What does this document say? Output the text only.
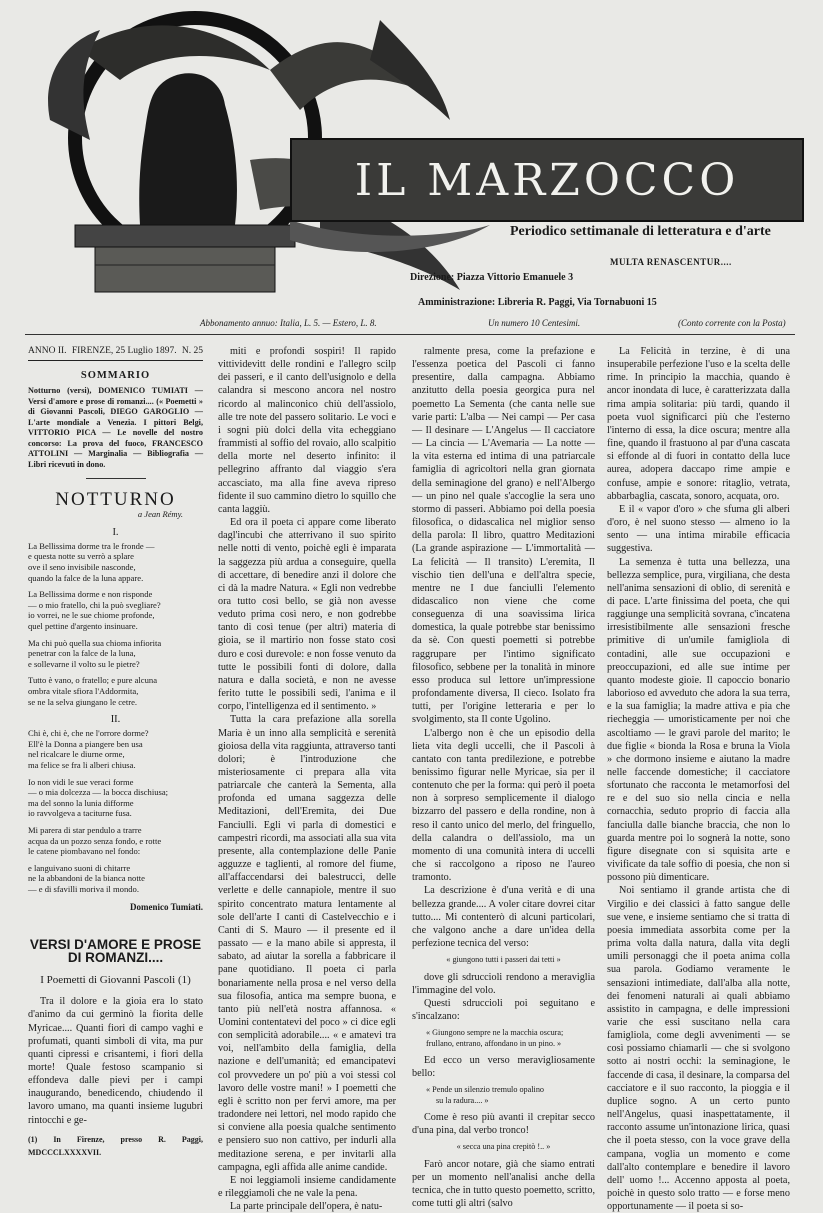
IL MARZOCCO
Periodico settimanale di letteratura e d'arte
MULTA RENASCENTUR....
Direzione: Piazza Vittorio Emanuele 3
Amministrazione: Libreria R. Paggi, Via Tornabuoni 15
Abbonamento annuo: Italia, L. 5. — Estero, L. 8.	Un numero 10 Centesimi.	(Conto corrente con la Posta)
ANNO II. FIRENZE, 25 Luglio 1897. N. 25
SOMMARIO
Notturno (versi), DOMENICO TUMIATI — Versi d'amore e prose di romanzi.... (« Poemetti » di Giovanni Pascoli, DIEGO GAROGLIO — L'arte mondiale a Venezia. I pittori Belgi, VITTORIO PICA — Le novelle del nostro concorso: La prova del fuoco, FRANCESCO ATTOLINI — Marginalia — Bibliografia — Libri ricevuti in dono.
NOTTURNO
a Jean Rémy.
I.
La Bellissima dorme tra le fronde —
e questa notte su verrò a splare
ove il seno invisibile nasconde,
quando la falce de la luna appare.
La Bellissima dorme e non risponde
— o mio fratello, chi la può svegliare?
io vorrei, ne le sue chiome profonde,
quel pettine d'argento insinuare.
Ma chi può quella sua chioma infiorita
penetrar con la falce de la luna,
e sollevarne il volto su le pietre?
Tutto è vano, o fratello; e pure alcuna
ombra vitale sfiora l'Addormita,
se ne la selva giungano le cetre.
II.
Chi è, chi è, che ne l'orrore dorme?
Ell'è la Donna a piangere ben usa
nel ricalcare le diurne orme,
ma felice se fra li alberi chiusa.
Io non vidi le sue veraci forme
— o mia dolcezza — la bocca dischiusa;
ma del sonno la lunia difforme
io ravvolgeva a taciturne fusa.
Mi parera di star pendulo a trarre
acqua da un pozzo senza fondo, e rotte
le catene piombavano nel fondo:
e languivano suoni di chitarre
ne la abbandoni de la bianca notte
— e di sfavilli moriva il mondo.
Domenico Tumiati.
VERSI D'AMORE E PROSE DI ROMANZI....
I Poemetti di Giovanni Pascoli (1)

Tra il dolore e la gioia era lo stato d'animo da cui germinò la fiorita delle Myricae.... Quanti fiori di campo vaghi e profumati, quanti simboli di vita, ma pur quanti cipressi e crisantemi, i fiori della morte! Quale festoso scampanio si effondeva dalle pievi per i campi inaugurando, benedicendo, chiudendo il lavoro umano, ma quanti insieme lugubri rintocchi e ge-

(1) In Firenze, presso R. Paggi, MDCCCLXXXXVII.

miti e profondi sospiri! Il rapido vittividevitt delle rondini e l'allegro scilp dei passeri, e il canto dell'usignolo e della calandra si mescono ancora nel nostro ricordo al malinconico chiù dell'assiolo, alle tre note del passero solitario. Le voci e i sogni più dolci della vita echeggiano frammisti al soffio del rovaio, allo scalpitio della morte nel deserto infinito: il pellegrino affranto dal viaggio s'era accasciato, ma alla fine aveva ripreso fidente il suo cammino dietro lo squillo che canta laggiù.

Ed ora il poeta ci appare come liberato dagl'incubi che atterrivano il suo spirito nelle notti di vento, poichè egli è imparata la saggezza più ardua a conseguire, quella di accettare, di benedire anzi il dolore che ci dà la madre Natura. « Egli non vedrebbe ora tutto così bello, se già non avesse veduto prima così nero, e non godrebbe tanto di così tenue (per altri) materia di gioia, se il martirio non fosse stato così duro e così durevole: e non fosse venuto da tutte le possibili fonti di dolore, dalla natura e dalla società, e non ne avesse ferito tutte le possibili sedi, l'anima e il corpo, l'intelligenza ed il sentimento. »

Tutta la cara prefazione alla sorella Maria è un inno alla semplicità e serenità gioiosa della vita raggiunta, attraverso tanti dolori; è l'introduzione che misteriosamente ci prepara alla vita patriarcale che canterà la Sementa, alla profonda ed umana saggezza delle Meditazioni, dell'Eremita, dei Due Fanciulli. Egli vi parla di domestici e campestri ricordi, ma associati alla sua vita presente, alla contemplazione delle Panie agguzze e taglienti, al romore del fiume, all'affaccendarsi dei balestrucci, delle verlette e delle cannapiole, mentre il suo spirito concentrato matura lentamente al sole dell'arte I canti di Castelvecchio e i Canti di S. Mauro — il presente ed il passato — e la mano abile si appresta, il sabato, ad aiutar la sorella a fabbricare il pane quotidiano. Il poeta ci parla bonariamente nella prosa e nel verso della sua filosofia, antica ma sempre buona, e tanto più nell'età nostra affannosa. « Uomini contentatevi del poco » ci dice egli con semplicità adorabile.... « e amatevi tra voi, nell'ambito della famiglia, della nazione e dell'umanità; ed emancipatevi col provvedere un po' più a voi stessi col lavoro delle vostre mani! » I poemetti che egli è scritto non per fervi amore, ma per tradondere nei lettori, nel modo rapido che si conviene alla poesia qualche sentimento e pensiero suo non cattivo, per indurli alla meditazione serena, e per invitarli alla campagna, egli affida alle anime candide.

E noi leggiamoli insieme candidamente e rileggiamoli che ne vale la pena.

La parte principale dell'opera, è natu-

ralmente presa, come la prefazione e l'essenza poetica del Pascoli ci fanno presentire, dalla campagna. Abbiamo anzitutto della poesia georgica pura nel poemetto La Sementa (che canta nelle sue varie parti: L'alba — Nei campi — Per casa — Il desinare — L'Angelus — Il cacciatore — La cincia — L'Avemaria — La notte — la vita esterna ed intima di una patriarcale famiglia di agricoltori nella gran giornata della seminagione del grano) e nell'Albergo — un pino nel quale s'accoglie la sera uno stormo di passeri. Abbiamo poi della poesia filosofica, o didascalica nel miglior senso della parola: Il libro, quattro Meditazioni (La grande aspirazione — L'immortalità — La felicità — Il transito) L'eremita, Il vischio tien dell'una e dell'altra specie, mentre ne I due fanciulli l'elemento didascalico non viene che come conseguenza di una soavissima lirica domestica, la quale potrebbe star benissimo da sè. Con questi poemetti si potrebbe raggrupare per l'intimo significato filosofico, sebbene per la tonalità in minore esso produca sul lettore un'impressione profondamente diversa, Il cieco. Isolato fra tutti, per l'origine letteraria e per lo svolgimento, sta Il conte Ugolino.

L'albergo non è che un episodio della lieta vita degli uccelli, che il Pascoli à cantato con tanta predilezione, e potrebbe benissimo figurar nelle Myricae, sia per il contenuto che per la forma: qui però il poeta non à sorpreso semplicemente il dialogo bizzarro del passero e della rondine, non à reso il canto unico del merlo, del fringuello, della calandra o dell'assiolo, ma un momento di una comunità intera di uccelli che si raccolgono a riposo ne l'aureo tramonto.

La descrizione è d'una verità e di una bellezza grande.... A voler citare dovrei citar tutto.... Mi contenterò di alcuni particolari, che valgono anche a dare un'idea della perfezione tecnica del verso:

« giungono tutti i passeri dai tetti »

dove gli sdruccioli rendono a meraviglia l'immagine del volo.

Questi sdruccioli poi seguitano e s'incalzano:

« Giungono sempre ne la macchia oscura;
frullano, entrano, affondano in un pino. »

Ed ecco un verso meravigliosamente bello:

« Pende un silenzio tremulo opalino
su la radura.... »

Come è reso più avanti il crepitar secco d'una pina, dal verbo tronco!

« secca una pina crepitò !.. »

Farò ancor notare, già che siamo entrati per un momento nell'analisi anche della tecnica, che in tutto questo poemetto, scritto, come tutti gli altri (salvo

La Felicità in terzine, è di una insuperabile perfezione l'uso e la scelta delle rime. In principio la macchia, quando è ancor inondata di luce, è caratterizzata dalla rima ampia solitaria: più tardi, quando il poeta vuol significarci più che l'esterno l'interno di essa, la dice oscura; mentre alla fine, quando il frastuono al par d'una cascata si effonde al di fuori in contatto della luce aurea, adopera daccapo rime ampie e confuse, ampie e sonore: ritaglio, vetrata, abbarbaglia, cascata, sonoro, acquata, oro.

E il « vapor d'oro » che sfuma gli alberi d'oro, è nel suono stesso — almeno io la sento — una intima mirabile efficacia suggestiva.

La semenza è tutta una bellezza, una bellezza semplice, pura, virgiliana, che desta nell'anima sensazioni di oblio, di serenità e di pace. L'arte finissima del poeta, che qui raggiunge una semplicità sovrana, c'incatena irresistibilmente alle sensazioni fresche primitive di un'umile famigliola di contadini, alle sue occupazioni e preoccupazioni, ed alle sue intime per quanto modeste gioie. Il capoccio bonario laborioso ed avveduto che adora la sua terra, e la sua famiglia; la madre attiva e pia che riecheggia — umoristicamente per noi che ascoltiamo — le gravi parole del marito; le due figlie « bionda la Rosa e bruna la Viola » che dormono insieme e aiutano la madre nelle faccende domestiche; il cacciatore sfortunato che racconta le metamorfosi del re e del suo sio nella cincia e nella cornacchia, seduto proprio di faccia alla fanciulla dalle bianche braccia, che non lo guarda mentre poi lo sognerà la notte, sono figure disegnate con si squisita arte e vivificate da tale soffio di poesia, che non si possono più dimenticare.

Noi sentiamo il grande artista che di Virgilio e dei classici à fatto sangue delle sue vene, e insieme sentiamo che si tratta di poesia immediata assorbita come per la prima volta dalla natura, dalla vita degli umili personaggi che il poeta anima colla sua parola. Godiamo veramente le sensazioni intimediate, dall'alba alla notte, dei fenomeni naturali ai quali abbiamo assistito in campagna, e delle impressioni varie che essi suscitano nella cara famigliola, come degli avvenimenti — se così possiamo chiamarli — che si svolgono sotto ai nostri occhi: la seminagione, le faccende di casa, il desinare, la comparsa del cacciatore e il suo racconto, la pioggia e il duplice sogno. A un certo punto nell'Angelus, quasi inaspettatamente, il racconto assume un'intonazione lirica, quasi che il poeta stesso, con la voce grave della campana, voglia un momento e come dall'alto contemplare e benedire il lavoro dell' uomo !... Accenno apposta al poeta, poichè in questo solo tratto — e forse meno opportunamente — il poeta si so-
